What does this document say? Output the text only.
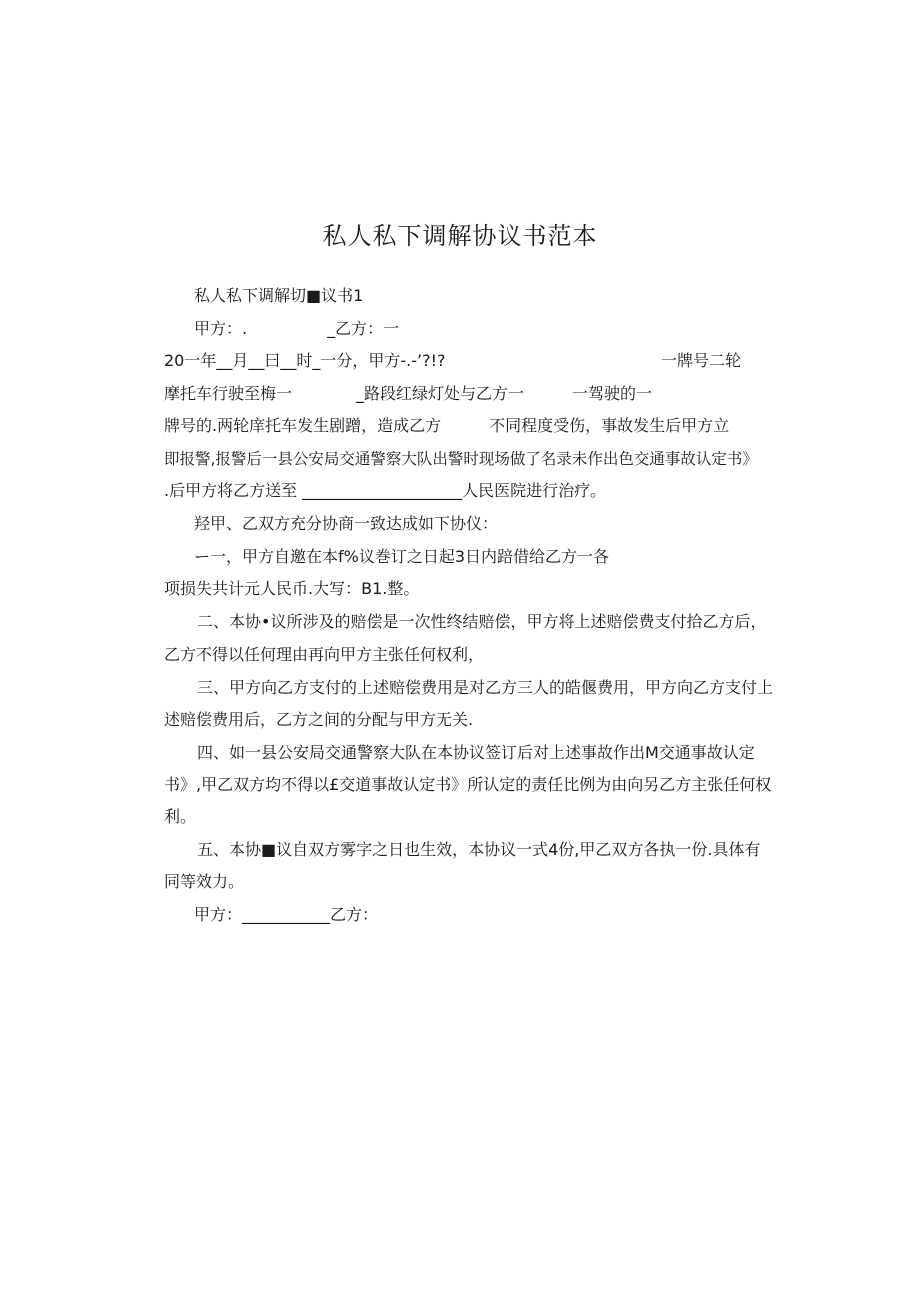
私人私下调解协议书范本
私人私下调解切■议书1
甲方：.　　　　　_乙方：一
20一年__月__曰__时_一分，甲方-.-’?!?	一牌号二轮
摩托车行驶至梅一　　　　_路段红绿灯处与乙方一　　　一驾驶的一
牌号的.两轮庠托车发生剧蹭，造成乙方　　　不同程度受伤，事故发生后甲方立
即报警,报警后一县公安局交通警察大队出警时现场做了名录未作出色交通事故认定书》
.后甲方将乙方送至 ____________________人民医院进行治疗。
羟甲、乙双方充分协商一致达成如下协仪：
ー一，甲方自邀在本f%议巻订之日起3日内踣借给乙方一各
项损失共计元人民币.大写：B1.整。
二、本协•议所涉及的赔偿是一次性终结赔偿，甲方将上述赔偿费支付拾乙方后，
乙方不得以任何理由再向甲方主张任何权利，
三、甲方向乙方支付的上述赔偿费用是对乙方三人的皓偃费用，甲方向乙方支付上
述赔偿费用后，乙方之间的分配与甲方无关.
四、如一县公安局交通警察大队在本协议签订后对上述事故作出M交通事故认定
书》,甲乙双方均不得以£交道事故认定书》所认定的责任比例为由向另乙方主张任何权
利。
五、本协■议自双方雾字之日也生效，本协议一式4份,甲乙双方各执一份.具体有
同等效力。
甲方：___________乙方：
